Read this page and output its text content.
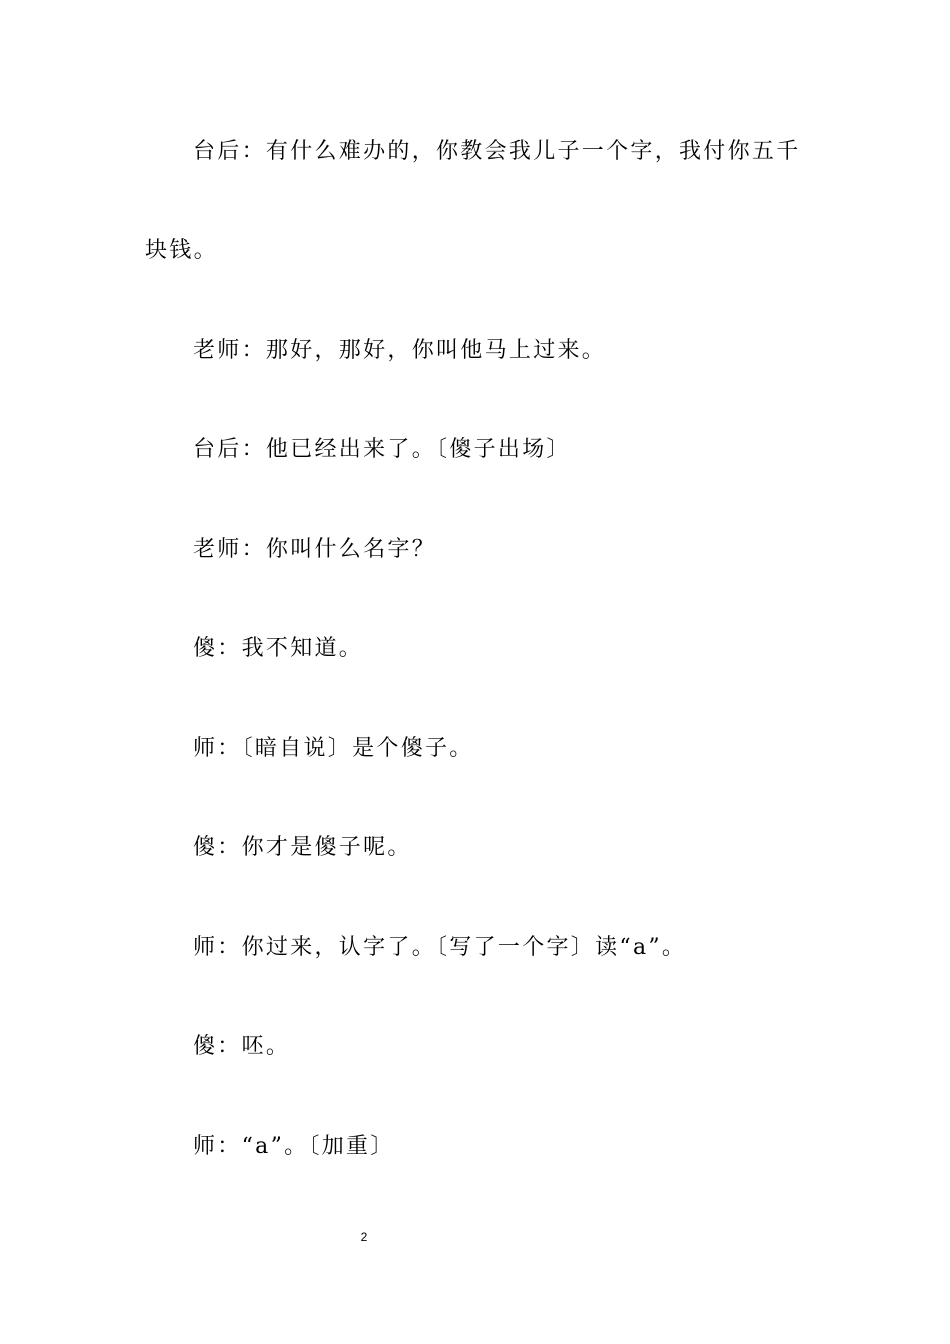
台后：有什么难办的，你教会我儿子一个字，我付你五千

块钱。

老师：那好，那好，你叫他马上过来。

台后：他已经出来了。〔傻子出场〕

老师：你叫什么名字？

傻：我不知道。

师：〔暗自说〕是个傻子。

傻：你才是傻子呢。

师：你过来，认字了。〔写了一个字〕读“a”。

傻：呸。

师：“a”。〔加重〕

2
